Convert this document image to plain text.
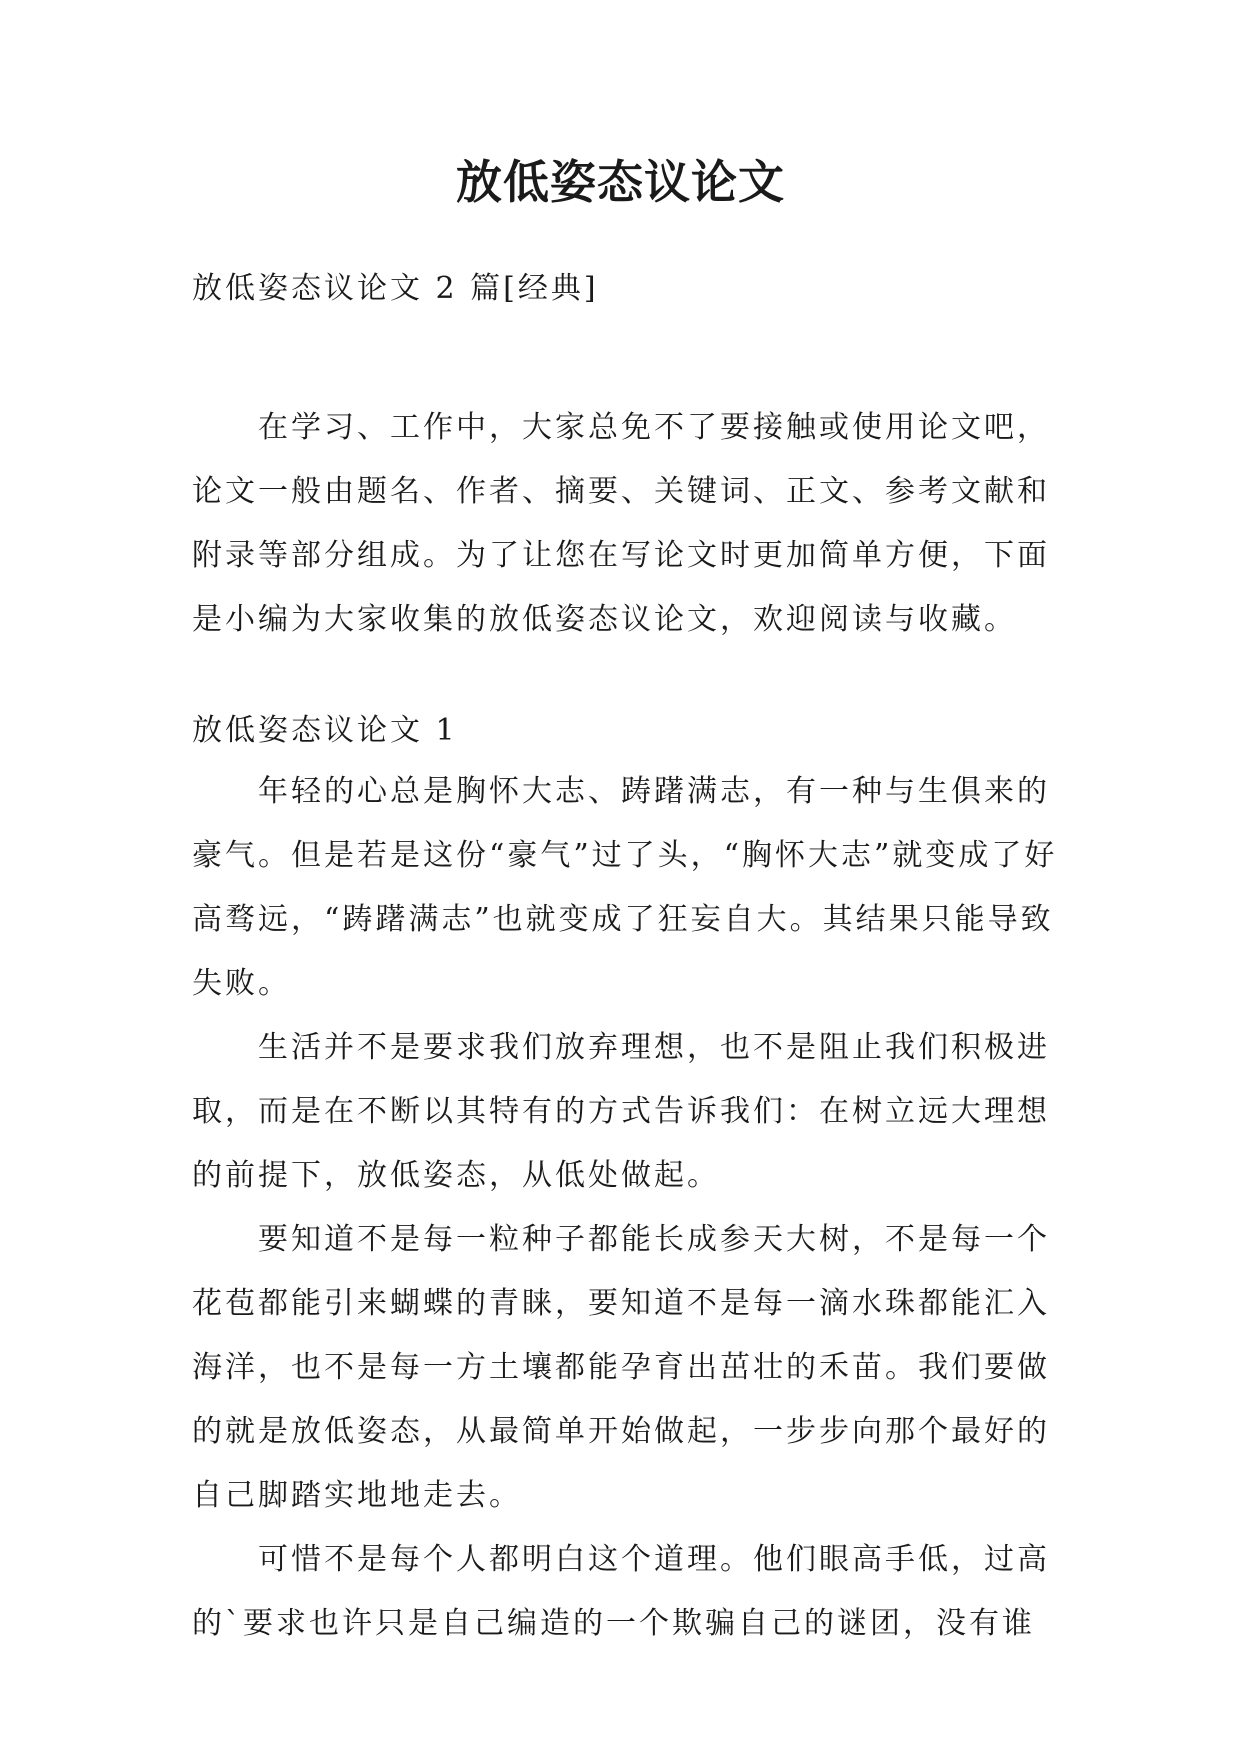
放低姿态议论文

放低姿态议论文 2 篇[经典]

在学习、工作中，大家总免不了要接触或使用论文吧，论文一般由题名、作者、摘要、关键词、正文、参考文献和附录等部分组成。为了让您在写论文时更加简单方便，下面是小编为大家收集的放低姿态议论文，欢迎阅读与收藏。

放低姿态议论文 1

年轻的心总是胸怀大志、踌躇满志，有一种与生俱来的豪气。但是若是这份“豪气”过了头，“胸怀大志”就变成了好高骛远，“踌躇满志”也就变成了狂妄自大。其结果只能导致失败。

生活并不是要求我们放弃理想，也不是阻止我们积极进取，而是在不断以其特有的方式告诉我们：在树立远大理想的前提下，放低姿态，从低处做起。

要知道不是每一粒种子都能长成参天大树，不是每一个花苞都能引来蝴蝶的青睐，要知道不是每一滴水珠都能汇入海洋，也不是每一方土壤都能孕育出茁壮的禾苗。我们要做的就是放低姿态，从最简单开始做起，一步步向那个最好的自己脚踏实地地走去。

可惜不是每个人都明白这个道理。他们眼高手低，过高的`要求也许只是自己编造的一个欺骗自己的谜团，没有谁
